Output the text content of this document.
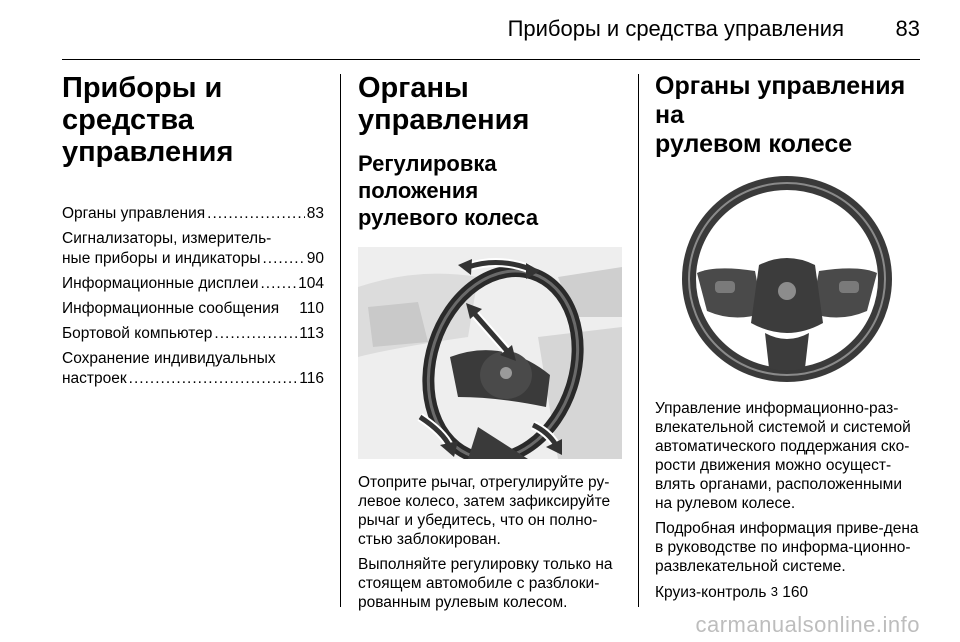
Приборы и средства управления 83
Приборы и средства
управления
Органы управления .....	83
Сигнализаторы, измеритель-
ные приборы и индикаторы .....	90
Информационные дисплеи .....	104
Информационные сообщения 110
Бортовой компьютер .....	113
Сохранение индивидуальных
настроек .....	116
Органы управления
Регулировка положения
рулевого колеса

Отоприте рычаг, отрегулируйте ру-левое колесо, затем зафиксируйте рычаг и убедитесь, что он полно-стью заблокирован.

Выполняйте регулировку только на стоящем автомобиле с разблоки-рованным рулевым колесом.

Органы управления на
рулевом колесе

Управление информационно-раз-влекательной системой и системой автоматического поддержания ско-рости движения можно осущест-влять органами, расположенными на рулевом колесе.

Подробная информация приве-дена в руководстве по информа-ционно-развлекательной системе.

Круиз-контроль 3 160

carmanualsonline.info
